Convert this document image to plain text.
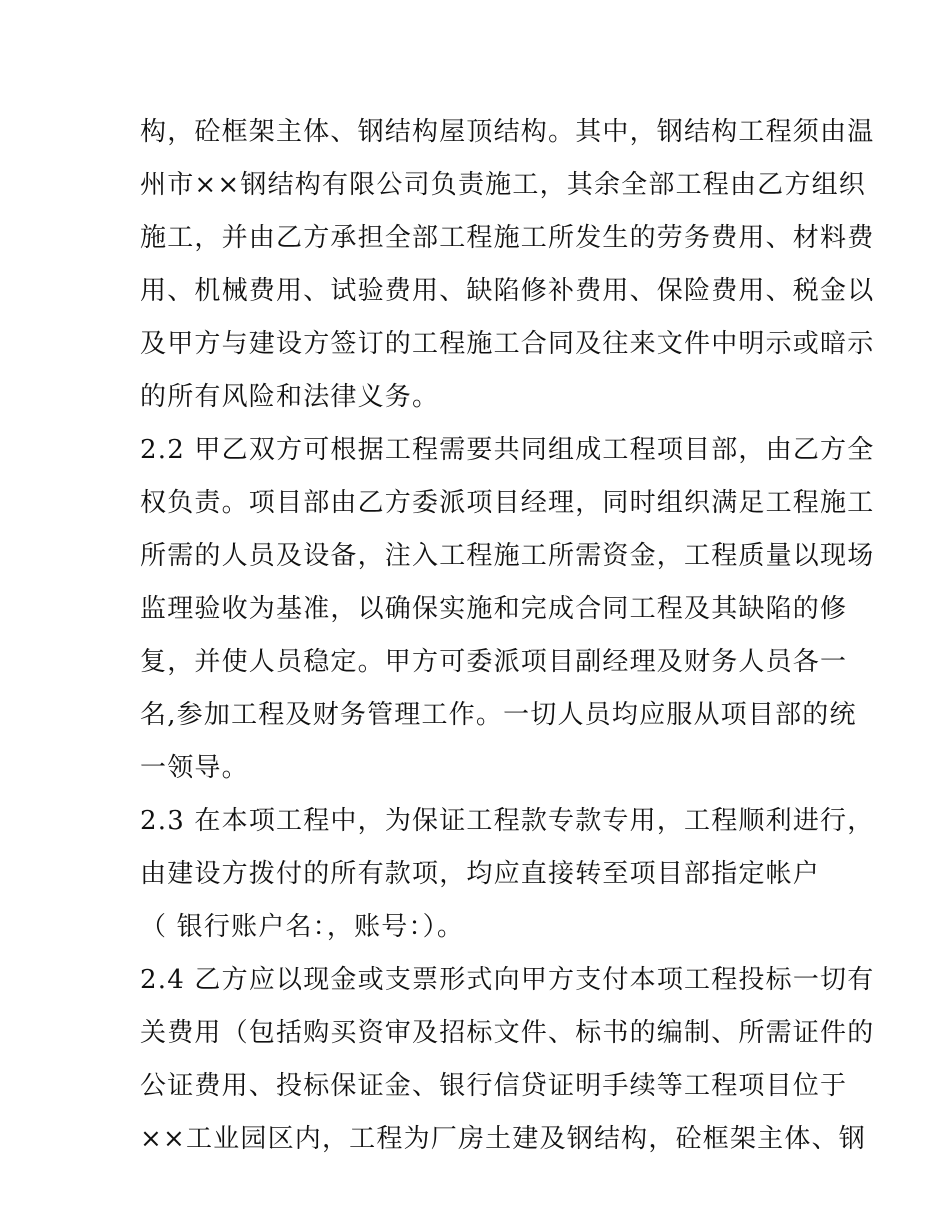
构，砼框架主体、钢结构屋顶结构。其中，钢结构工程须由温
州市××钢结构有限公司负责施工，其余全部工程由乙方组织
施工，并由乙方承担全部工程施工所发生的劳务费用、材料费
用、机械费用、试验费用、缺陷修补费用、保险费用、税金以
及甲方与建设方签订的工程施工合同及往来文件中明示或暗示
的所有风险和法律义务。
2.2 甲乙双方可根据工程需要共同组成工程项目部，由乙方全
权负责。项目部由乙方委派项目经理，同时组织满足工程施工
所需的人员及设备，注入工程施工所需资金，工程质量以现场
监理验收为基准，以确保实施和完成合同工程及其缺陷的修
复，并使人员稳定。甲方可委派项目副经理及财务人员各一
名,参加工程及财务管理工作。一切人员均应服从项目部的统
一领导。
2.3 在本项工程中，为保证工程款专款专用，工程顺利进行，
由建设方拨付的所有款项，均应直接转至项目部指定帐户
（ 银行账户名：，账号：）。
2.4 乙方应以现金或支票形式向甲方支付本项工程投标一切有
关费用（包括购买资审及招标文件、标书的编制、所需证件的
公证费用、投标保证金、银行信贷证明手续等工程项目位于
××工业园区内，工程为厂房土建及钢结构，砼框架主体、钢
